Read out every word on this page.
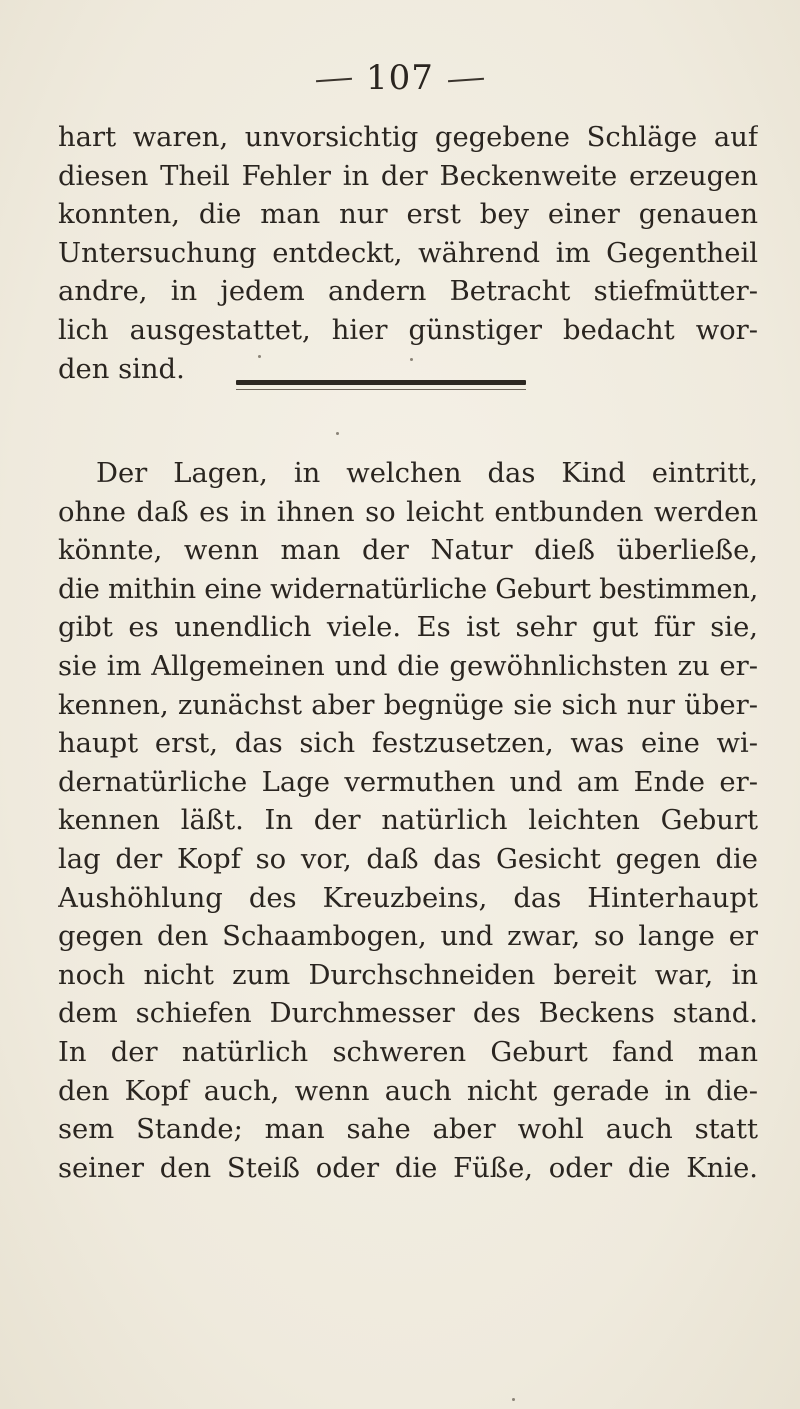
107
hart waren, unvorsichtig gegebene Schläge auf
diesen Theil Fehler in der Beckenweite erzeugen
konnten, die man nur erst bey einer genauen
Untersuchung entdeckt, während im Gegentheil
andre, in jedem andern Betracht stiefmütter-
lich ausgestattet, hier günstiger bedacht wor-
den sind.
Der Lagen, in welchen das Kind eintritt,
ohne daß es in ihnen so leicht entbunden werden
könnte, wenn man der Natur dieß überließe,
die mithin eine widernatürliche Geburt bestimmen,
gibt es unendlich viele. Es ist sehr gut für sie,
sie im Allgemeinen und die gewöhnlichsten zu er-
kennen, zunächst aber begnüge sie sich nur über-
haupt erst, das sich festzusetzen, was eine wi-
dernatürliche Lage vermuthen und am Ende er-
kennen läßt. In der natürlich leichten Geburt
lag der Kopf so vor, daß das Gesicht gegen die
Aushöhlung des Kreuzbeins, das Hinterhaupt
gegen den Schaambogen, und zwar, so lange er
noch nicht zum Durchschneiden bereit war, in
dem schiefen Durchmesser des Beckens stand.
In der natürlich schweren Geburt fand man
den Kopf auch, wenn auch nicht gerade in die-
sem Stande; man sahe aber wohl auch statt
seiner den Steiß oder die Füße, oder die Knie.
